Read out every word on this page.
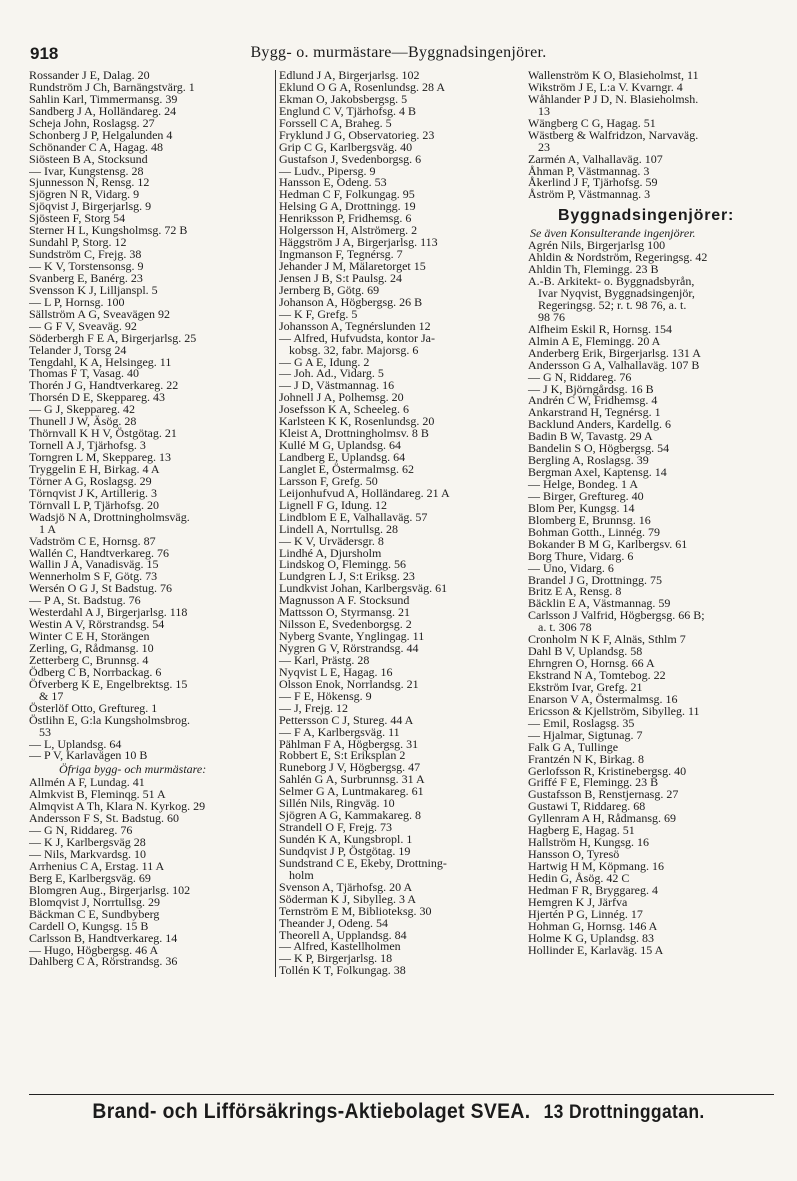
918	Bygg- o. murmästare—Byggnadsingenjörer.
Rossander J E, Dalag. 20
Rundström J Ch, Barnängstvärg. 1
Sahlin Karl, Timmermansg. 39
Sandberg J A, Holländareg. 24
Scheja John, Roslagsg. 27
Schonberg J P, Helgalunden 4
Schönander C A, Hagag. 48
Siösteen B A, Stocksund
— Ivar, Kungstensg. 28
Sjunnesson N, Rensg. 12
Sjögren N R, Vidarg. 9
Sjöqvist J, Birgerjarlsg. 9
Sjösteen F, Storg 54
Sterner H L, Kungsholmsg. 72 B
Sundahl P, Storg. 12
Sundström C, Frejg. 38
— K V, Torstensonsg. 9
Svanberg E, Banérg. 23
Svensson K J, Lilljanspl. 5
— L P, Hornsg. 100
Sällström A G, Sveavägen 92
— G F V, Sveaväg. 92
Söderbergh F E A, Birgerjarlsg. 25
Telander J, Torsg 24
Tengdahl, K A, Helsingeg. 11
Thomas F T, Vasag. 40
Thorén J G, Handtverkareg. 22
Thorsén D E, Skeppareg. 43
— G J, Skeppareg. 42
Thunell J W, Äsög. 28
Thörnvall K H V, Östgötag. 21
Tornell A J, Tjärhofsg. 3
Torngren L M, Skeppareg. 13
Tryggelin E H, Birkag. 4 A
Törner A G, Roslagsg. 29
Törnqvist J K, Artillerig. 3
Törnvall L P, Tjärhofsg. 20
Wadsjö N A, Drottningholmsväg.
1 A
Vadström C E, Hornsg. 87
Wallén C, Handtverkareg. 76
Wallin J A, Vanadisväg. 15
Wennerholm S F, Götg. 73
Wersén O G J, St Badstug. 76
— P A, St. Badstug. 76
Westerdahl A J, Birgerjarlsg. 118
Westin A V, Rörstrandsg. 54
Winter C E H, Storängen
Zerling, G, Rådmansg. 10
Zetterberg C, Brunnsg. 4
Ödberg C B, Norrbackag. 6
Öfverberg K E, Engelbrektsg. 15
& 17
Österlöf Otto, Greftureg. 1
Östlihn E, G:la Kungsholmsbrog.
53
— L, Uplandsg. 64
— P V, Karlavägen 10 B
Öfriga bygg- och murmästare:
Allmén A F, Lundag. 41
Almkvist B, Fleminqg. 51 A
Almqvist A Th, Klara N. Kyrkog. 29
Andersson F S, St. Badstug. 60
— G N, Riddareg. 76
— K J, Karlbergsväg 28
— Nils, Markvardsg. 10
Arrhenius C A, Erstag. 11 A
Berg E, Karlbergsväg. 69
Blomgren Aug., Birgerjarlsg. 102
Blomqvist J, Norrtullsg. 29
Bäckman C E, Sundbyberg
Cardell O, Kungsg. 15 B
Carlsson B, Handtverkareg. 14
— Hugo, Högbergsg. 46 A
Dahlberg C A, Rörstrandsg. 36
Edlund J A, Birgerjarlsg. 102
Eklund O G A, Rosenlundsg. 28 A
Ekman O, Jakobsbergsg. 5
Englund C V, Tjärhofsg. 4 B
Forssell C A, Braheg. 5
Fryklund J G, Observatorieg. 23
Grip C G, Karlbergsväg. 40
Gustafson J, Svedenborgsg. 6
— Ludv., Pipersg. 9
Hansson E, Odeng. 53
Hedman C F, Folkungag. 95
Helsing G A, Drottningg. 19
Henriksson P, Fridhemsg. 6
Holgersson H, Alströmerg. 2
Häggström J A, Birgerjarlsg. 113
Ingmanson F, Tegnérsg. 7
Jehander J M, Mälaretorget 15
Jensen J B, S:t Paulsg. 24
Jernberg B, Götg. 69
Johanson A, Högbergsg. 26 B
— K F, Grefg. 5
Johansson A, Tegnérslunden 12
— Alfred, Hufvudsta, kontor Ja-
kobsg. 32, fabr. Majorsg. 6
— G A E, Idung. 2
— Joh. Ad., Vidarg. 5
— J D, Västmannag. 16
Johnell J A, Polhemsg. 20
Josefsson K A, Scheeleg. 6
Karlsteen K K, Rosenlundsg. 20
Kleist A, Drottningholmsv. 8 B
Kullé M G, Uplandsg. 64
Landberg E, Uplandsg. 64
Langlet E, Östermalmsg. 62
Larsson F, Grefg. 50
Leijonhufvud A, Holländareg. 21 A
Lignell F G, Idung. 12
Lindblom E E, Valhallaväg. 57
Lindell A, Norrtullsg. 28
— K V, Urvädersgr. 8
Lindhé A, Djursholm
Lindskog O, Flemingg. 56
Lundgren L J, S:t Eriksg. 23
Lundkvist Johan, Karlbergsväg. 61
Magnusson A F. Stocksund
Mattsson O, Styrmansg. 21
Nilsson E, Svedenborgsg. 2
Nyberg Svante, Ynglingag. 11
Nygren G V, Rörstrandsg. 44
— Karl, Prästg. 28
Nyqvist L E, Hagag. 16
Olsson Enok, Norrlandsg. 21
— F E, Hökensg. 9
— J, Frejg. 12
Pettersson C J, Stureg. 44 A
— F A, Karlbergsväg. 11
Pählman F A, Högbergsg. 31
Robbert E, S:t Eriksplan 2
Runeborg J V, Högbergsg. 47
Sahlén G A, Surbrunnsg. 31 A
Selmer G A, Luntmakareg. 61
Sillén Nils, Ringväg. 10
Sjögren A G, Kammakareg. 8
Strandell O F, Frejg. 73
Sundén K A, Kungsbropl. 1
Sundqvist J P, Östgötag. 19
Sundstrand C E, Ekeby, Drottning-
holm
Svenson A, Tjärhofsg. 20 A
Söderman K J, Sibylleg. 3 A
Ternström E M, Biblioteksg. 30
Theander J, Odeng. 54
Theorell A, Upplandsg. 84
— Alfred, Kastellholmen
— K P, Birgerjarlsg. 18
Tollén K T, Folkungag. 38
Wallenström K O, Blasieholmst, 11
Wikström J E, L:a V. Kvarngr. 4
Wåhlander P J D, N. Blasieholmsh.
13
Wängberg C G, Hagag. 51
Wästberg & Walfridzon, Narvaväg.
23
Zarmén A, Valhallaväg. 107
Åhman P, Västmannag. 3
Åkerlind J F, Tjärhofsg. 59
Åström P, Västmannag. 3
Byggnadsingenjörer:
Se även Konsulterande ingenjörer.
Agrén Nils, Birgerjarlsg 100
Ahldin & Nordström, Regeringsg. 42
Ahldin Th, Flemingg. 23 B
A.-B. Arkitekt- o. Byggnadsbyrån,
Ivar Nyqvist, Byggnadsingenjör,
Regeringsg. 52; r. t. 98 76, a. t.
98 76
Alfheim Eskil R, Hornsg. 154
Almin A E, Flemingg. 20 A
Anderberg Erik, Birgerjarlsg. 131 A
Andersson G A, Valhallaväg. 107 B
— G N, Riddareg. 76
— J K, Björngårdsg. 16 B
Andrén C W, Fridhemsg. 4
Ankarstrand H, Tegnérsg. 1
Backlund Anders, Kardellg. 6
Badin B W, Tavastg. 29 A
Bandelin S O, Högbergsg. 54
Bergling A, Roslagsg. 39
Bergman Axel, Kaptensg. 14
— Helge, Bondeg. 1 A
— Birger, Greftureg. 40
Blom Per, Kungsg. 14
Blomberg E, Brunnsg. 16
Bohman Gotth., Linnég. 79
Bokander B M G, Karlbergsv. 61
Borg Thure, Vidarg. 6
— Uno, Vidarg. 6
Brandel J G, Drottningg. 75
Britz E A, Rensg. 8
Bäcklin E A, Västmannag. 59
Carlsson J Valfrid, Högbergsg. 66 B;
a. t. 306 78
Cronholm N K F, Alnäs, Sthlm 7
Dahl B V, Uplandsg. 58
Ehrngren O, Hornsg. 66 A
Ekstrand N A, Tomtebog. 22
Ekström Ivar, Grefg. 21
Enarson V A, Östermalmsg. 16
Ericsson & Kjellström, Sibylleg. 11
— Emil, Roslagsg. 35
— Hjalmar, Sigtunag. 7
Falk G A, Tullinge
Frantzén N K, Birkag. 8
Gerlofsson R, Kristinebergsg. 40
Griffé F E, Flemingg. 23 B
Gustafsson B, Renstjernasg. 27
Gustawi T, Riddareg. 68
Gyllenram A H, Rådmansg. 69
Hagberg E, Hagag. 51
Hallström H, Kungsg. 16
Hansson O, Tyresö
Hartwig H M, Köpmang. 16
Hedin G, Åsög. 42 C
Hedman F R, Bryggareg. 4
Hemgren K J, Järfva
Hjertén P G, Linnég. 17
Hohman G, Hornsg. 146 A
Holme K G, Uplandsg. 83
Hollinder E, Karlaväg. 15 A
Brand- och Lifförsäkrings-Aktiebolaget SVEA. 13 Drottninggatan.
